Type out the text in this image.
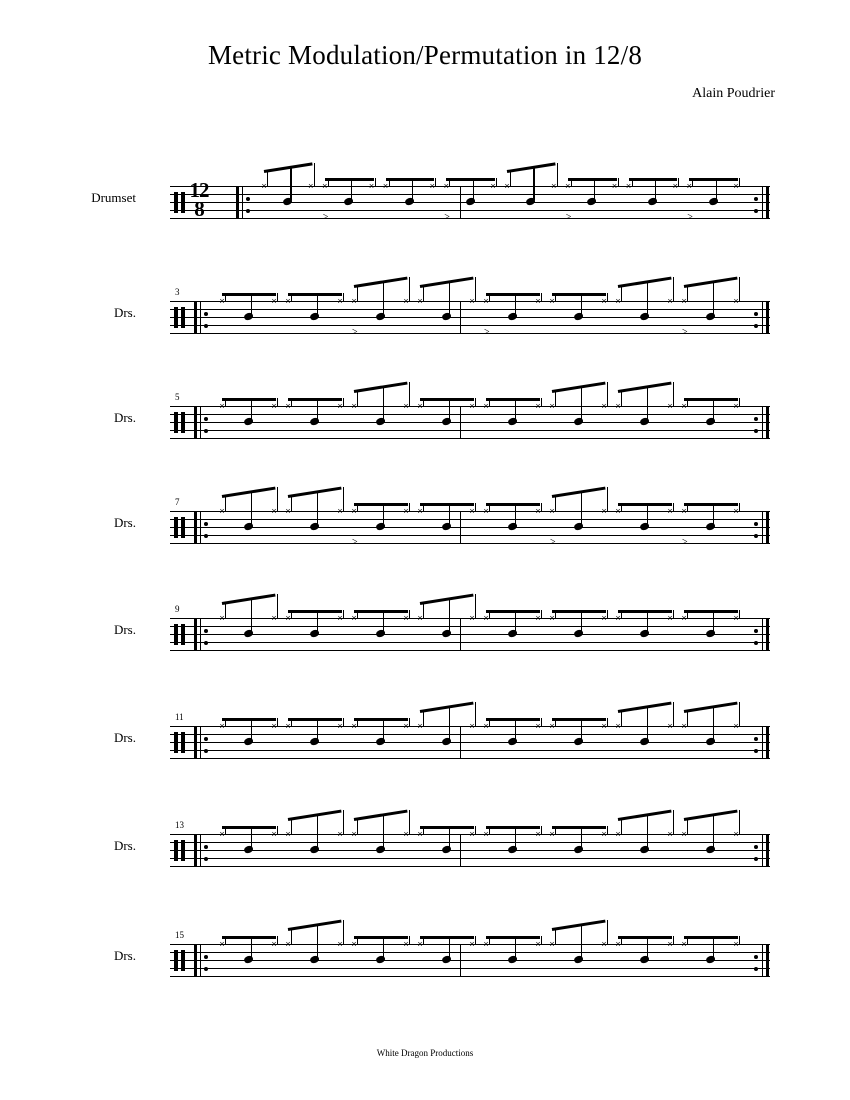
Metric Modulation/Permutation in 12/8
Alain Poudrier
Drumset
×	× ×	×
> ×	× ×	×
> ×	× ×	×
> ×	× ×	×
>
12
8
Drs.
3
×	× ×	× ×	×
> ×	× ×	×
> ×	× ×	× ×	×
>
Drs.
5
×	× ×	× ×	× ×	× ×	× ×	× ×	× ×	×
Drs.
7
×	× ×	× ×	×
> ×	× ×	× ×	×
> ×	× ×	×
>
Drs.
9
×	× ×	× ×	× ×	× ×	× ×	× ×	× ×	×
Drs.
11
×	× ×	× ×	× ×	× ×	× ×	× ×	× ×	×
Drs.
13
×	× ×	× ×	× ×	× ×	× ×	× ×	× ×	×
Drs.
15
×	× ×	× ×	× ×	× ×	× ×	× ×	× ×	×
White Dragon Productions
